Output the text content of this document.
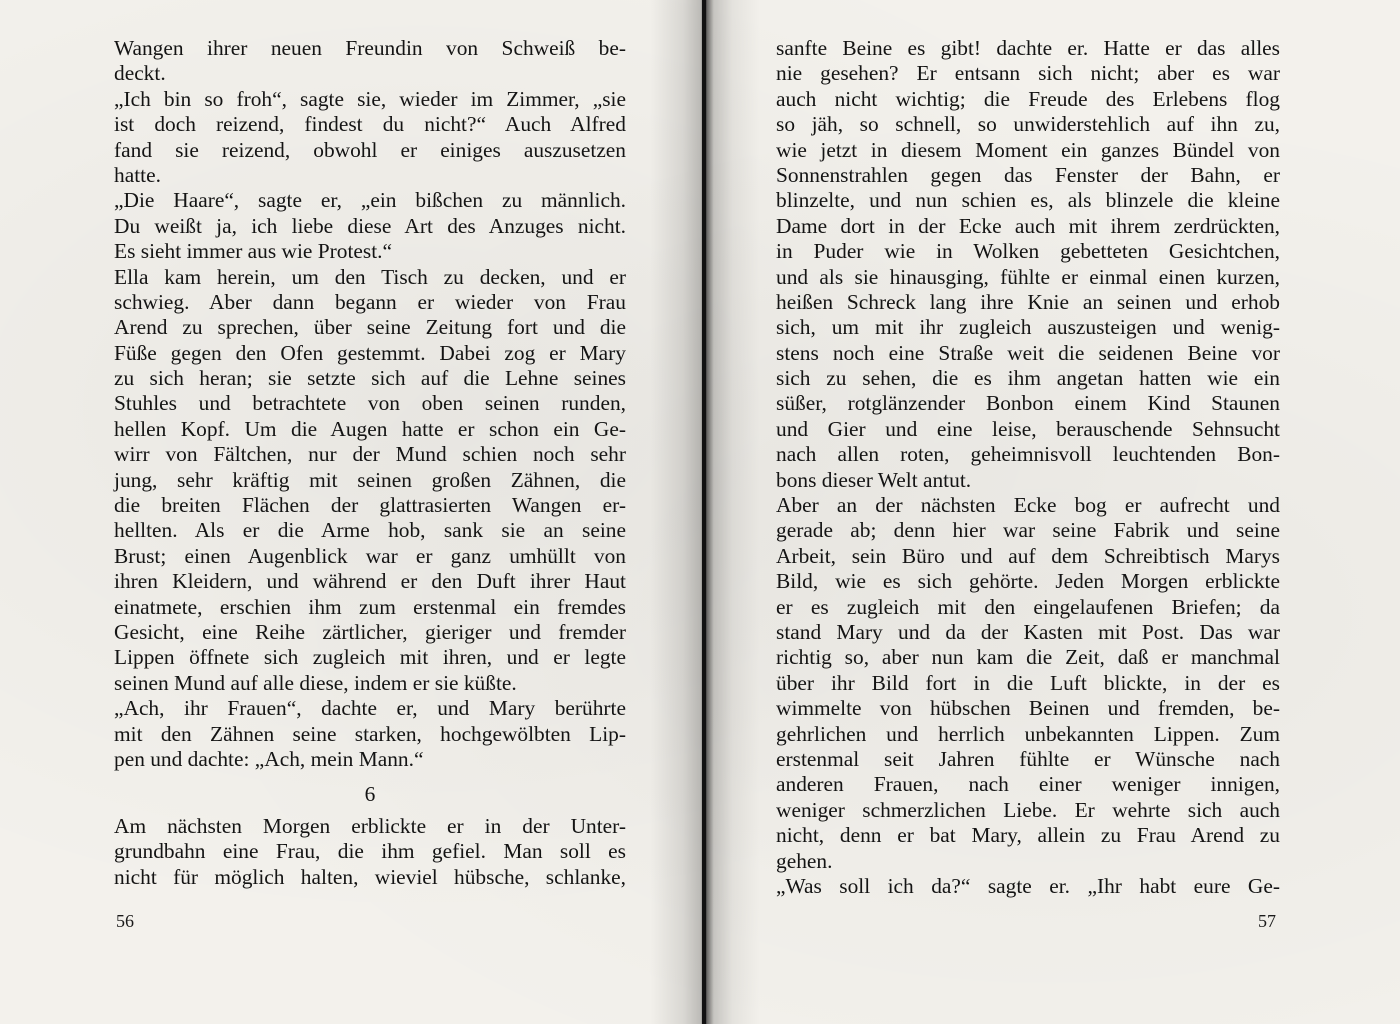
Wangen ihrer neuen Freundin von Schweiß be-
deckt.
„Ich bin so froh“, sagte sie, wieder im Zimmer, „sie
ist doch reizend, findest du nicht?“ Auch Alfred
fand sie reizend, obwohl er einiges auszusetzen
hatte.
„Die Haare“, sagte er, „ein bißchen zu männlich.
Du weißt ja, ich liebe diese Art des Anzuges nicht.
Es sieht immer aus wie Protest.“
Ella kam herein, um den Tisch zu decken, und er
schwieg. Aber dann begann er wieder von Frau
Arend zu sprechen, über seine Zeitung fort und die
Füße gegen den Ofen gestemmt. Dabei zog er Mary
zu sich heran; sie setzte sich auf die Lehne seines
Stuhles und betrachtete von oben seinen runden,
hellen Kopf. Um die Augen hatte er schon ein Ge-
wirr von Fältchen, nur der Mund schien noch sehr
jung, sehr kräftig mit seinen großen Zähnen, die
die breiten Flächen der glattrasierten Wangen er-
hellten. Als er die Arme hob, sank sie an seine
Brust; einen Augenblick war er ganz umhüllt von
ihren Kleidern, und während er den Duft ihrer Haut
einatmete, erschien ihm zum erstenmal ein fremdes
Gesicht, eine Reihe zärtlicher, gieriger und fremder
Lippen öffnete sich zugleich mit ihren, und er legte
seinen Mund auf alle diese, indem er sie küßte.
„Ach, ihr Frauen“, dachte er, und Mary berührte
mit den Zähnen seine starken, hochgewölbten Lip-
pen und dachte: „Ach, mein Mann.“
6
Am nächsten Morgen erblickte er in der Unter-
grundbahn eine Frau, die ihm gefiel. Man soll es
nicht für möglich halten, wieviel hübsche, schlanke,
56
sanfte Beine es gibt! dachte er. Hatte er das alles
nie gesehen? Er entsann sich nicht; aber es war
auch nicht wichtig; die Freude des Erlebens flog
so jäh, so schnell, so unwiderstehlich auf ihn zu,
wie jetzt in diesem Moment ein ganzes Bündel von
Sonnenstrahlen gegen das Fenster der Bahn, er
blinzelte, und nun schien es, als blinzele die kleine
Dame dort in der Ecke auch mit ihrem zerdrückten,
in Puder wie in Wolken gebetteten Gesichtchen,
und als sie hinausging, fühlte er einmal einen kurzen,
heißen Schreck lang ihre Knie an seinen und erhob
sich, um mit ihr zugleich auszusteigen und wenig-
stens noch eine Straße weit die seidenen Beine vor
sich zu sehen, die es ihm angetan hatten wie ein
süßer, rotglänzender Bonbon einem Kind Staunen
und Gier und eine leise, berauschende Sehnsucht
nach allen roten, geheimnisvoll leuchtenden Bon-
bons dieser Welt antut.
Aber an der nächsten Ecke bog er aufrecht und
gerade ab; denn hier war seine Fabrik und seine
Arbeit, sein Büro und auf dem Schreibtisch Marys
Bild, wie es sich gehörte. Jeden Morgen erblickte
er es zugleich mit den eingelaufenen Briefen; da
stand Mary und da der Kasten mit Post. Das war
richtig so, aber nun kam die Zeit, daß er manchmal
über ihr Bild fort in die Luft blickte, in der es
wimmelte von hübschen Beinen und fremden, be-
gehrlichen und herrlich unbekannten Lippen. Zum
erstenmal seit Jahren fühlte er Wünsche nach
anderen Frauen, nach einer weniger innigen,
weniger schmerzlichen Liebe. Er wehrte sich auch
nicht, denn er bat Mary, allein zu Frau Arend zu
gehen.
„Was soll ich da?“ sagte er. „Ihr habt eure Ge-
57
